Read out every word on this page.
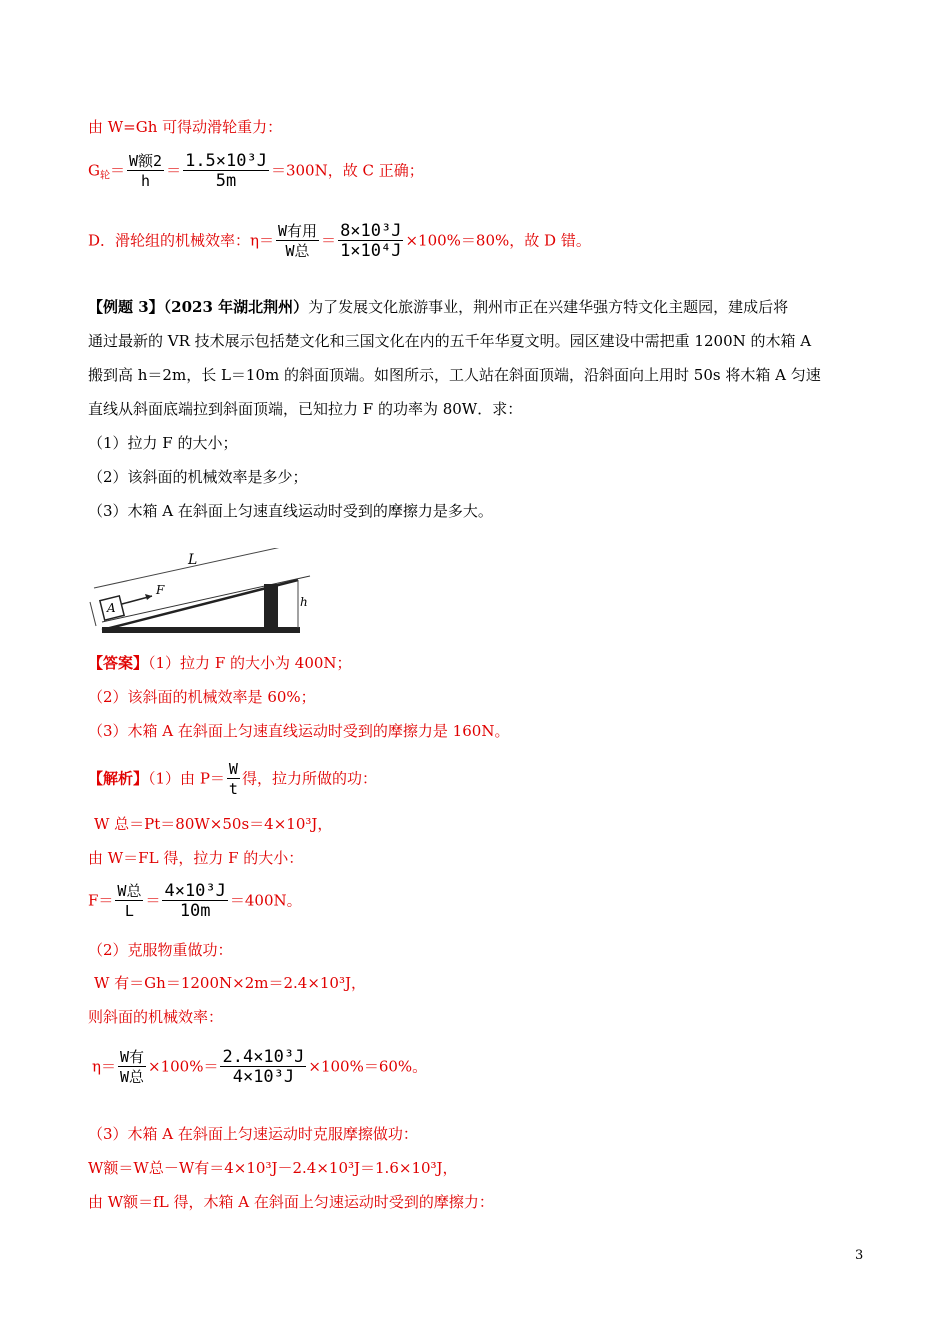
由 W=Gh 可得动滑轮重力：
$G_轮= \frac{\text{W额2}}{h} = \frac{\text{1.5×10³J}}{5m} =300N$，故 C 正确；
D．滑轮组的机械效率：$\eta= \frac{\text{W有用}}{\text{W总}} = \frac{\text{8×10³J}}{\text{1×10⁴J}} \times 100\%=80\%$，故 D 错。
【例题 3】（2023 年湖北荆州）为了发展文化旅游事业，荆州市正在兴建华强方特文化主题园，建成后将
通过最新的 VR 技术展示包括楚文化和三国文化在内的五千年华夏文明。园区建设中需把重 1200N 的木箱 A
搬到高 h＝2m，长 L＝10m 的斜面顶端。如图所示，工人站在斜面顶端，沿斜面向上用时 50s 将木箱 A 匀速
直线从斜面底端拉到斜面顶端，已知拉力 F 的功率为 80W．求：
（1）拉力 F 的大小；
（2）该斜面的机械效率是多少；
（3）木箱 A 在斜面上匀速直线运动时受到的摩擦力是多大。
L
A
F
h
【答案】（1）拉力 F 的大小为 400N；
（2）该斜面的机械效率是 60%；
（3）木箱 A 在斜面上匀速直线运动时受到的摩擦力是 160N。
【解析】（1）由 $P= \frac{W}{t}$ 得，拉力所做的功：
W 总＝Pt＝80W×50s＝4×10³J，
由 W＝FL 得，拉力 F 的大小：
$F= \frac{\text{W总}}{L} = \frac{\text{4×10³J}}{10m} =400N$。
（2）克服物重做功：
W 有＝Gh＝1200N×2m＝2.4×10³J，
则斜面的机械效率：
$\eta= \frac{\text{W有}}{\text{W总}} \times 100\%= \frac{\text{2.4×10³J}}{\text{4×10³J}} \times 100\%=60\%$。
（3）木箱 A 在斜面上匀速运动时克服摩擦做功：
W额＝W总－W有＝4×10³J－2.4×10³J＝1.6×10³J，
由 W额＝fL 得，木箱 A 在斜面上匀速运动时受到的摩擦力：
3
